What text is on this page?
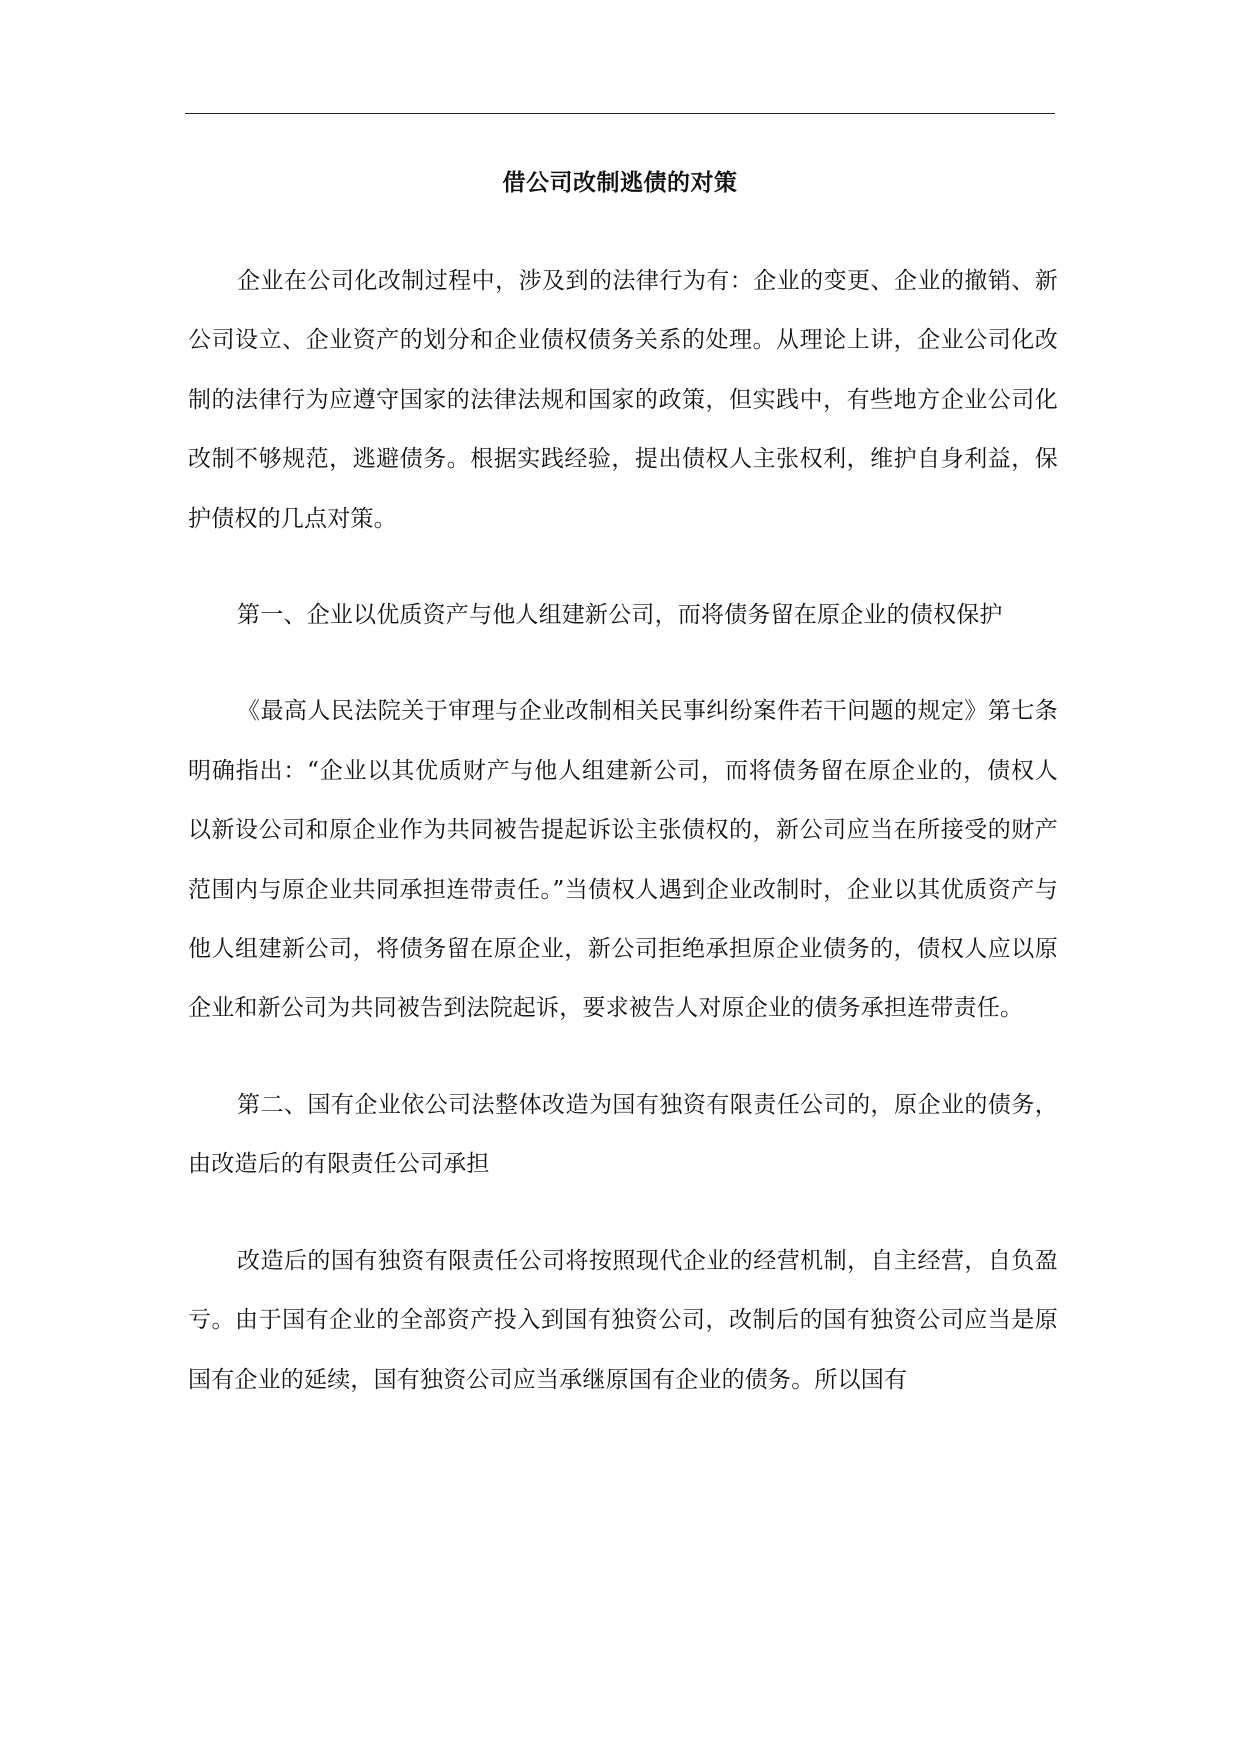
借公司改制逃债的对策

企业在公司化改制过程中，涉及到的法律行为有：企业的变更、企业的撤销、新公司设立、企业资产的划分和企业债权债务关系的处理。从理论上讲，企业公司化改制的法律行为应遵守国家的法律法规和国家的政策，但实践中，有些地方企业公司化改制不够规范，逃避债务。根据实践经验，提出债权人主张权利，维护自身利益，保护债权的几点对策。

第一、企业以优质资产与他人组建新公司，而将债务留在原企业的债权保护

《最高人民法院关于审理与企业改制相关民事纠纷案件若干问题的规定》第七条明确指出：“企业以其优质财产与他人组建新公司，而将债务留在原企业的，债权人以新设公司和原企业作为共同被告提起诉讼主张债权的，新公司应当在所接受的财产范围内与原企业共同承担连带责任。”当债权人遇到企业改制时，企业以其优质资产与他人组建新公司，将债务留在原企业，新公司拒绝承担原企业债务的，债权人应以原企业和新公司为共同被告到法院起诉，要求被告人对原企业的债务承担连带责任。

第二、国有企业依公司法整体改造为国有独资有限责任公司的，原企业的债务，由改造后的有限责任公司承担

改造后的国有独资有限责任公司将按照现代企业的经营机制，自主经营，自负盈亏。由于国有企业的全部资产投入到国有独资公司，改制后的国有独资公司应当是原国有企业的延续，国有独资公司应当承继原国有企业的债务。所以国有
